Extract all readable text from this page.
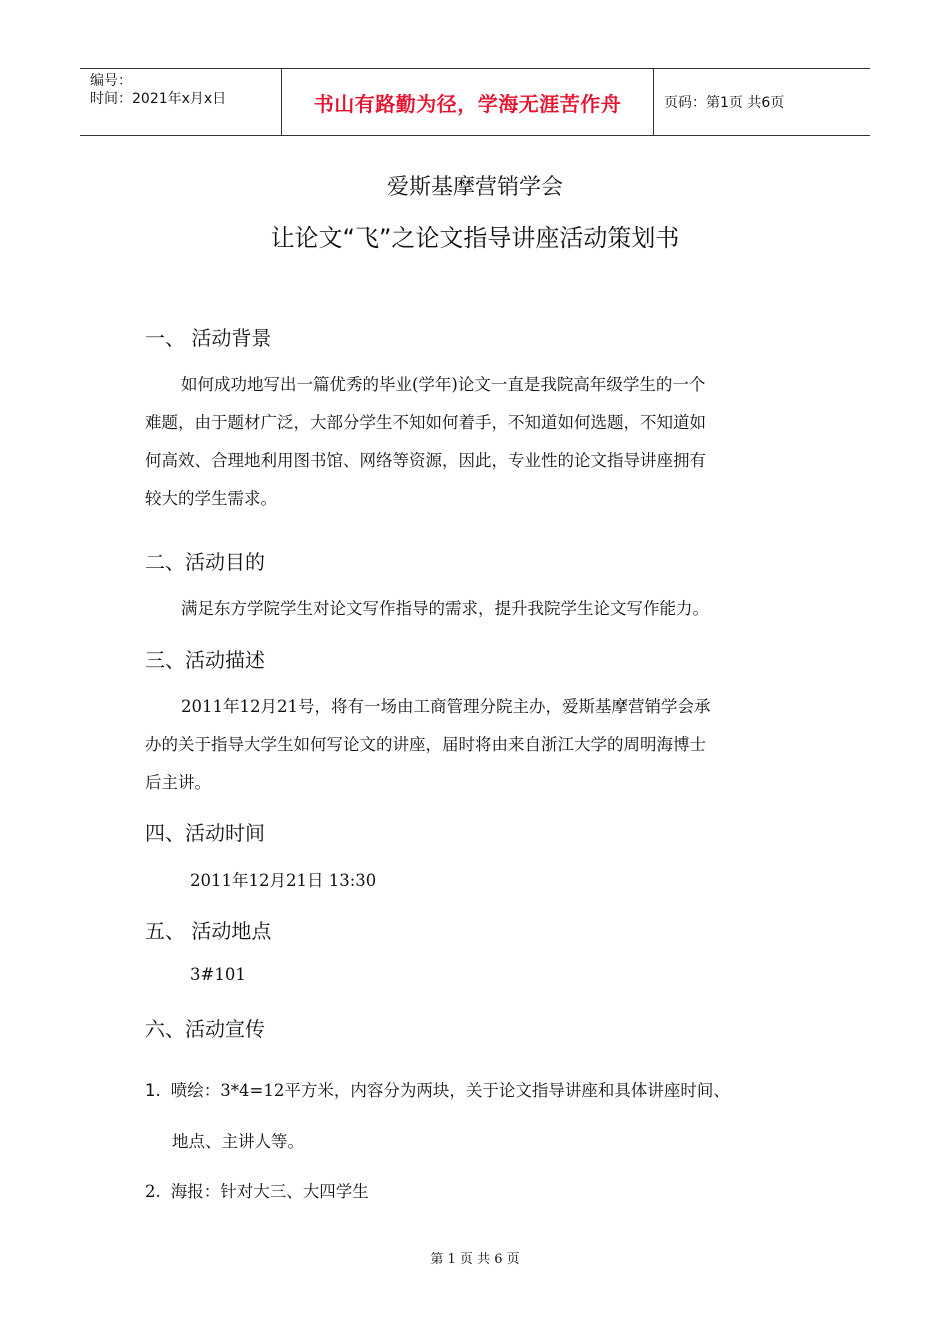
编号：
时间：2021年x月x日	书山有路勤为径，学海无涯苦作舟	页码：第1页 共6页
爱斯基摩营销学会
让论文“飞”之论文指导讲座活动策划书
一、 活动背景
如何成功地写出一篇优秀的毕业(学年)论文一直是我院高年级学生的一个
难题，由于题材广泛，大部分学生不知如何着手，不知道如何选题，不知道如
何高效、合理地利用图书馆、网络等资源，因此，专业性的论文指导讲座拥有
较大的学生需求。
二、活动目的
满足东方学院学生对论文写作指导的需求，提升我院学生论文写作能力。
三、活动描述
2011年12月21号，将有一场由工商管理分院主办，爱斯基摩营销学会承
办的关于指导大学生如何写论文的讲座，届时将由来自浙江大学的周明海博士
后主讲。
四、活动时间
2011年12月21日 13:30
五、 活动地点
3#101
六、活动宣传
1. 喷绘：3*4=12平方米，内容分为两块，关于论文指导讲座和具体讲座时间、
地点、主讲人等。
2. 海报：针对大三、大四学生
第 1 页 共 6 页
